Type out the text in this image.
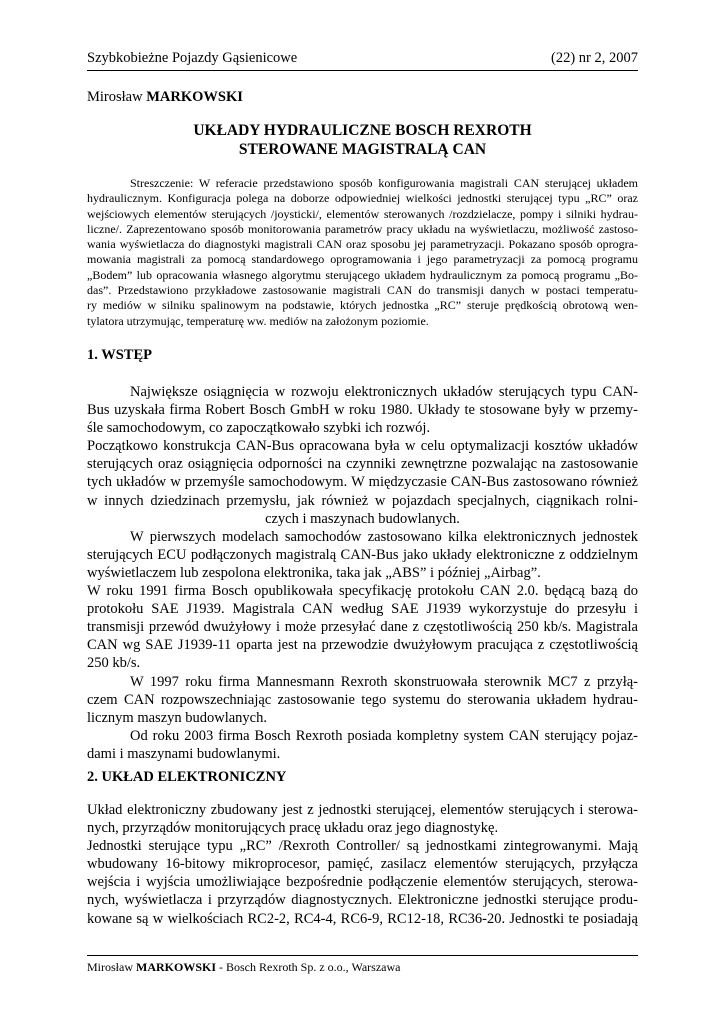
Szybkobieżne Pojazdy Gąsienicowe	(22) nr 2, 2007
Mirosław MARKOWSKI
UKŁADY HYDRAULICZNE BOSCH REXROTH
STEROWANE MAGISTRALĄ CAN
Streszczenie: W referacie przedstawiono sposób konfigurowania magistrali CAN sterującej układem
hydraulicznym. Konfiguracja polega na doborze odpowiedniej wielkości jednostki sterującej typu „RC” oraz
wejściowych elementów sterujących /joysticki/, elementów sterowanych /rozdzielacze, pompy i silniki hydrau-
liczne/. Zaprezentowano sposób monitorowania parametrów pracy układu na wyświetlaczu, możliwość zastoso-
wania wyświetlacza do diagnostyki magistrali CAN oraz sposobu jej parametryzacji. Pokazano sposób oprogra-
mowania magistrali za pomocą standardowego oprogramowania i jego parametryzacji za pomocą programu
„Bodem” lub opracowania własnego algorytmu sterującego układem hydraulicznym za pomocą programu „Bo-
das”. Przedstawiono przykładowe zastosowanie magistrali CAN do transmisji danych w postaci temperatu-
ry mediów w silniku spalinowym na podstawie, których jednostka „RC” steruje prędkością obrotową wen-
tylatora utrzymując, temperaturę ww. mediów na założonym poziomie.
1. WSTĘP
Największe osiągnięcia w rozwoju elektronicznych układów sterujących typu CAN-
Bus uzyskała firma Robert Bosch GmbH w roku 1980. Układy te stosowane były w przemy-
śle samochodowym, co zapoczątkowało szybki ich rozwój.
Początkowo konstrukcja CAN-Bus opracowana była w celu optymalizacji kosztów układów
sterujących oraz osiągnięcia odporności na czynniki zewnętrzne pozwalając na zastosowanie
tych układów w przemyśle samochodowym. W międzyczasie CAN-Bus zastosowano również
w innych dziedzinach przemysłu, jak również w pojazdach specjalnych, ciągnikach rolni-
czych i maszynach budowlanych.
W pierwszych modelach samochodów zastosowano kilka elektronicznych jednostek
sterujących ECU podłączonych magistralą CAN-Bus jako układy elektroniczne z oddzielnym
wyświetlaczem lub zespolona elektronika, taka jak „ABS” i później „Airbag”.
W roku 1991 firma Bosch opublikowała specyfikację protokołu CAN 2.0. będącą bazą do
protokołu SAE J1939. Magistrala CAN według SAE J1939 wykorzystuje do przesyłu i
transmisji przewód dwużyłowy i może przesyłać dane z częstotliwością 250 kb/s. Magistrala
CAN wg SAE J1939-11 oparta jest na przewodzie dwużyłowym pracująca z częstotliwością
250 kb/s.
W 1997 roku firma Mannesmann Rexroth skonstruowała sterownik MC7 z przyłą-
czem CAN rozpowszechniając zastosowanie tego systemu do sterowania układem hydrau-
licznym maszyn budowlanych.
Od roku 2003 firma Bosch Rexroth posiada kompletny system CAN sterujący pojaz-
dami i maszynami budowlanymi.
2. UKŁAD ELEKTRONICZNY
Układ elektroniczny zbudowany jest z jednostki sterującej, elementów sterujących i sterowa-
nych, przyrządów monitorujących pracę układu oraz jego diagnostykę.
Jednostki sterujące typu „RC” /Rexroth Controller/ są jednostkami zintegrowanymi. Mają
wbudowany 16-bitowy mikroprocesor, pamięć, zasilacz elementów sterujących, przyłącza
wejścia i wyjścia umożliwiające bezpośrednie podłączenie elementów sterujących, sterowa-
nych, wyświetlacza i przyrządów diagnostycznych. Elektroniczne jednostki sterujące produ-
kowane są w wielkościach RC2-2, RC4-4, RC6-9, RC12-18, RC36-20. Jednostki te posiadają
Mirosław MARKOWSKI - Bosch Rexroth Sp. z o.o., Warszawa
